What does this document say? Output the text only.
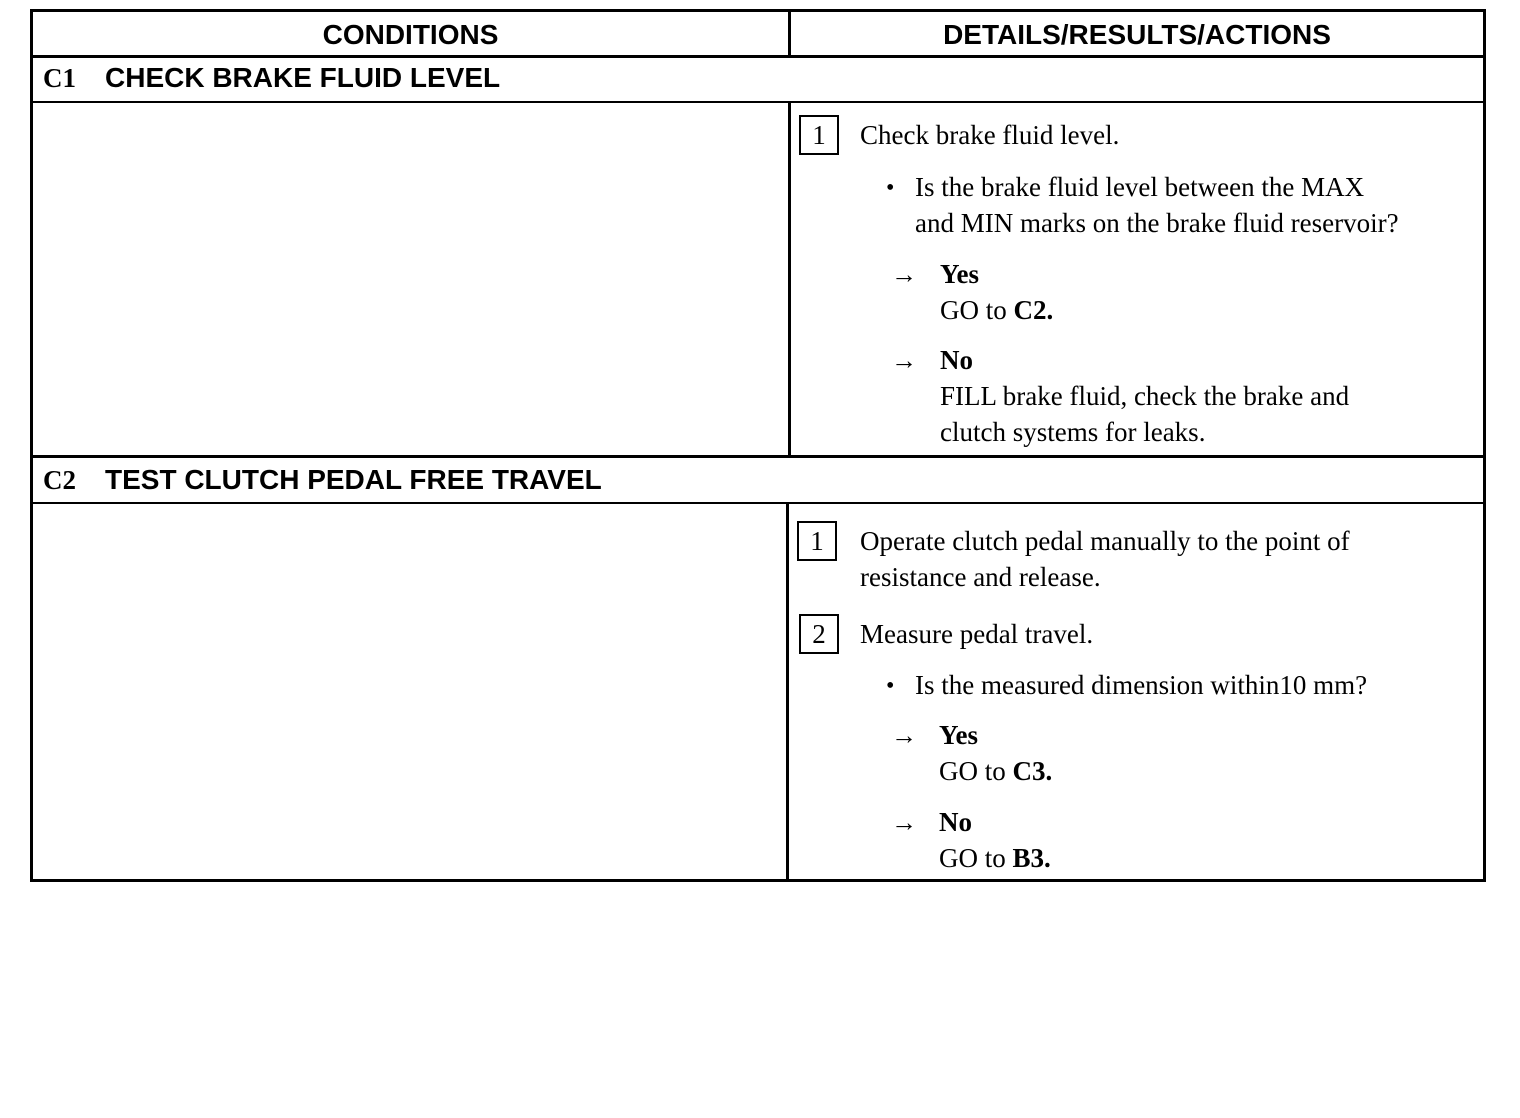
CONDITIONS	DETAILS/RESULTS/ACTIONS
C1 CHECK BRAKE FLUID LEVEL
1	Check brake fluid level.
• Is the brake fluid level between the MAX
and MIN marks on the brake fluid reservoir?
→ Yes
GO to C2.
→ No
FILL brake fluid, check the brake and
clutch systems for leaks.
C2 TEST CLUTCH PEDAL FREE TRAVEL
1	Operate clutch pedal manually to the point of
resistance and release.
2	Measure pedal travel.
• Is the measured dimension within10 mm?
→ Yes
GO to C3.
→ No
GO to B3.
